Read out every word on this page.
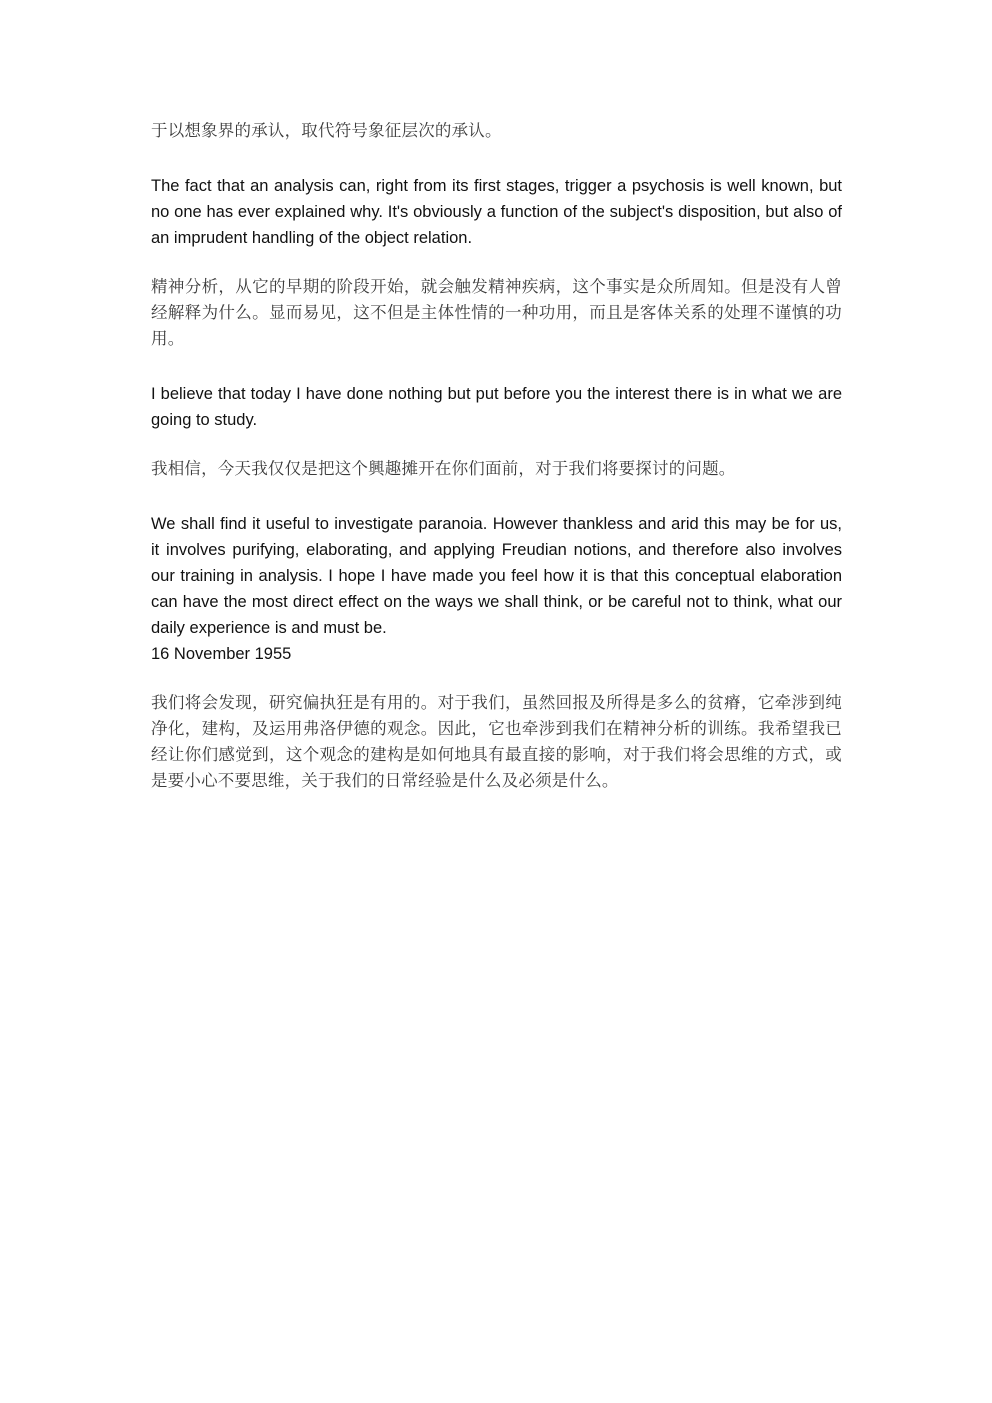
于以想象界的承认，取代符号象征层次的承认。

The fact that an analysis can, right from its first stages, trigger a psychosis is well known, but no one has ever explained why. It's obviously a function of the subject's disposition, but also of an imprudent handling of the object relation.

精神分析，从它的早期的阶段开始，就会触发精神疾病，这个事实是众所周知。但是没有人曾经解释为什么。显而易见，这不但是主体性情的一种功用，而且是客体关系的处理不谨慎的功用。

I believe that today I have done nothing but put before you the interest there is in what we are going to study.

我相信，今天我仅仅是把这个興趣摊开在你们面前，对于我们将要探讨的问题。

We shall find it useful to investigate paranoia. However thankless and arid this may be for us, it involves purifying, elaborating, and applying Freudian notions, and therefore also involves our training in analysis. I hope I have made you feel how it is that this conceptual elaboration can have the most direct effect on the ways we shall think, or be careful not to think, what our daily experience is and must be.

16 November 1955

我们将会发现，研究偏执狂是有用的。对于我们，虽然回报及所得是多么的贫瘠，它牵涉到纯净化，建构，及运用弗洛伊德的观念。因此，它也牵涉到我们在精神分析的训练。我希望我已经让你们感觉到，这个观念的建构是如何地具有最直接的影响，对于我们将会思维的方式，或是要小心不要思维，关于我们的日常经验是什么及必须是什么。
